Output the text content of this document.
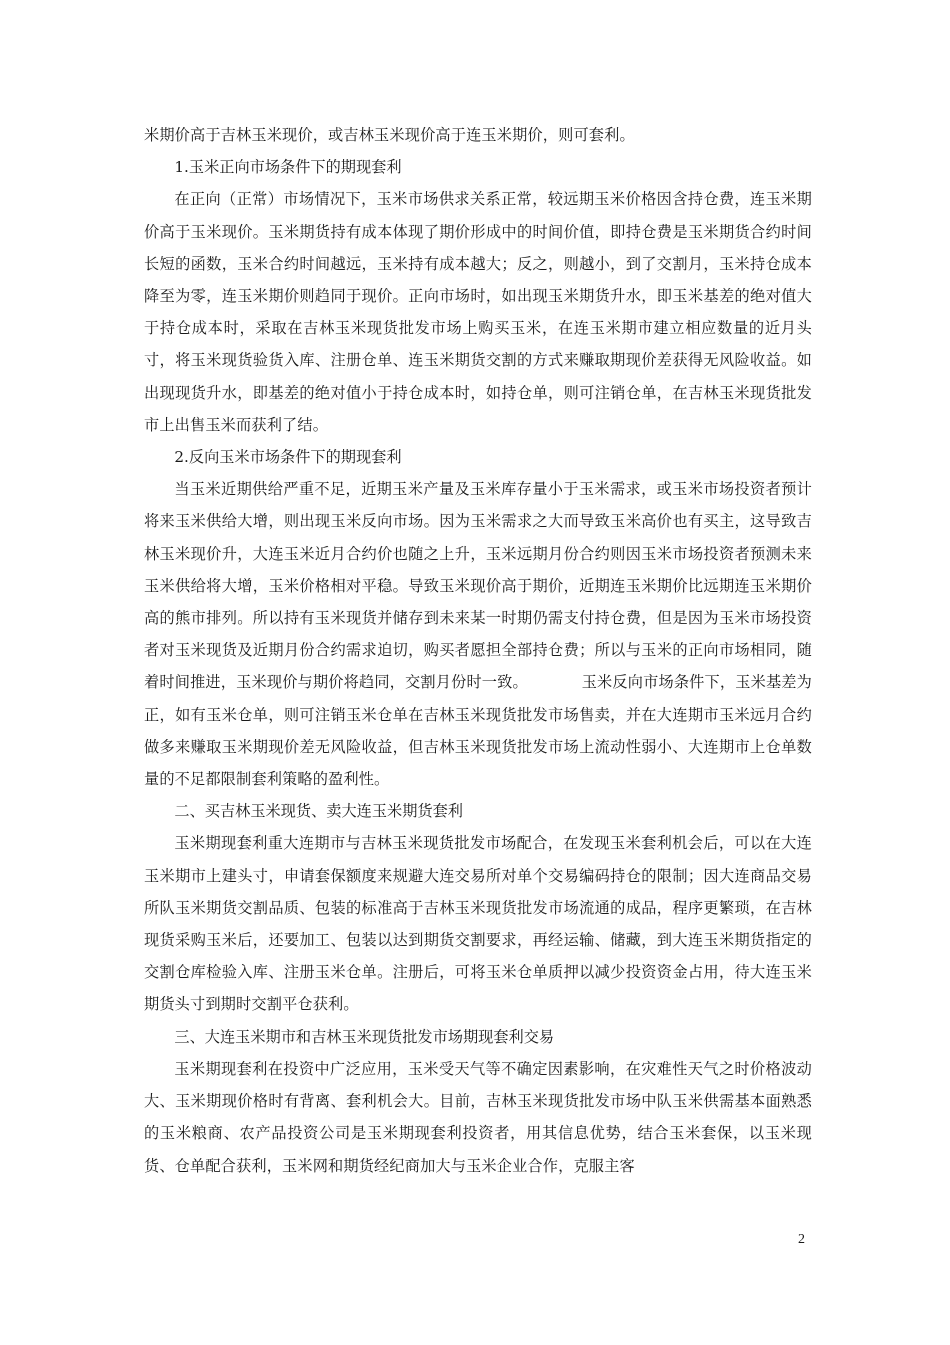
米期价高于吉林玉米现价，或吉林玉米现价高于连玉米期价，则可套利。

1.玉米正向市场条件下的期现套利

在正向（正常）市场情况下，玉米市场供求关系正常，较远期玉米价格因含持仓费，连玉米期价高于玉米现价。玉米期货持有成本体现了期价形成中的时间价值，即持仓费是玉米期货合约时间长短的函数，玉米合约时间越远，玉米持有成本越大；反之，则越小，到了交割月，玉米持仓成本降至为零，连玉米期价则趋同于现价。正向市场时，如出现玉米期货升水，即玉米基差的绝对值大于持仓成本时，采取在吉林玉米现货批发市场上购买玉米，在连玉米期市建立相应数量的近月头寸，将玉米现货验货入库、注册仓单、连玉米期货交割的方式来赚取期现价差获得无风险收益。如出现现货升水，即基差的绝对值小于持仓成本时，如持仓单，则可注销仓单，在吉林玉米现货批发市上出售玉米而获利了结。

2.反向玉米市场条件下的期现套利

当玉米近期供给严重不足，近期玉米产量及玉米库存量小于玉米需求，或玉米市场投资者预计将来玉米供给大增，则出现玉米反向市场。因为玉米需求之大而导致玉米高价也有买主，这导致吉林玉米现价升，大连玉米近月合约价也随之上升，玉米远期月份合约则因玉米市场投资者预测未来玉米供给将大增，玉米价格相对平稳。导致玉米现价高于期价，近期连玉米期价比远期连玉米期价高的熊市排列。所以持有玉米现货并储存到未来某一时期仍需支付持仓费，但是因为玉米市场投资者对玉米现货及近期月份合约需求迫切，购买者愿担全部持仓费；所以与玉米的正向市场相同，随着时间推进，玉米现价与期价将趋同，交割月份时一致。　　　　玉米反向市场条件下，玉米基差为正，如有玉米仓单，则可注销玉米仓单在吉林玉米现货批发市场售卖，并在大连期市玉米远月合约做多来赚取玉米期现价差无风险收益，但吉林玉米现货批发市场上流动性弱小、大连期市上仓单数量的不足都限制套利策略的盈利性。

二、买吉林玉米现货、卖大连玉米期货套利

玉米期现套利重大连期市与吉林玉米现货批发市场配合，在发现玉米套利机会后，可以在大连玉米期市上建头寸，申请套保额度来规避大连交易所对单个交易编码持仓的限制；因大连商品交易所队玉米期货交割品质、包装的标准高于吉林玉米现货批发市场流通的成品，程序更繁琐，在吉林现货采购玉米后，还要加工、包装以达到期货交割要求，再经运输、储藏，到大连玉米期货指定的交割仓库检验入库、注册玉米仓单。注册后，可将玉米仓单质押以减少投资资金占用，待大连玉米期货头寸到期时交割平仓获利。

三、大连玉米期市和吉林玉米现货批发市场期现套利交易

玉米期现套利在投资中广泛应用，玉米受天气等不确定因素影响，在灾难性天气之时价格波动大、玉米期现价格时有背离、套利机会大。目前，吉林玉米现货批发市场中队玉米供需基本面熟悉的玉米粮商、农产品投资公司是玉米期现套利投资者，用其信息优势，结合玉米套保，以玉米现货、仓单配合获利，玉米网和期货经纪商加大与玉米企业合作，克服主客

2
